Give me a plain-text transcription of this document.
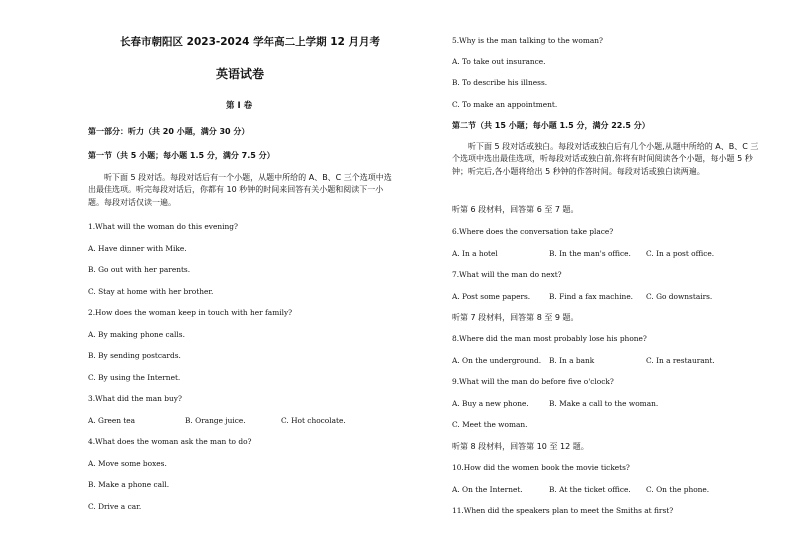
长春市朝阳区 2023-2024 学年高二上学期 12 月月考
英语试卷
第 I 卷
第一部分：听力（共 20 小题，满分 30 分）
第一节（共 5 小题；每小题 1.5 分，满分 7.5 分）
听下面 5 段对话。每段对话后有一个小题，从题中所给的 A、B、C 三个选项中选出最佳选项。听完每段对话后，你都有 10 秒钟的时间来回答有关小题和阅读下一小题。每段对话仅读一遍。
1.What will the woman do this evening?
A. Have dinner with Mike.
B. Go out with her parents.
C. Stay at home with her brother.
2.How does the woman keep in touch with her family?
A. By making phone calls.
B. By sending postcards.
C. By using the Internet.
3.What did the man buy?
A. Green tea	B. Orange juice.	C. Hot chocolate.
4.What does the woman ask the man to do?
A. Move some boxes.
B. Make a phone call.
C. Drive a car.
5.Why is the man talking to the woman?
A. To take out insurance.
B. To describe his illness.
C. To make an appointment.
第二节（共 15 小题；每小题 1.5 分，满分 22.5 分）
听下面 5 段对话或独白。每段对话或独白后有几个小题,从题中所给的 A、B、C 三个选项中选出最佳选项，听每段对话或独白前,你将有时间阅读各个小题，每小题 5 秒钟；听完后,各小题将给出 5 秒钟的作答时间。每段对话或独白读两遍。
听第 6 段材料，回答第 6 至 7 题。
6.Where does the conversation take place?
A. In a hotel	B. In the man's office. C. In a post office.
7.What will the man do next?
A. Post some papers.	B. Find a fax machine. C. Go downstairs.
听第 7 段材料，回答第 8 至 9 题。
8.Where did the man most probably lose his phone?
A. On the underground. B. In a bank	C. In a restaurant.
9.What will the man do before five o'clock?
A. Buy a new phone.	B. Make a call to the woman.
C. Meet the woman.
听第 8 段材料，回答第 10 至 12 题。
10.How did the women book the movie tickets?
A. On the Internet.	B. At the ticket office. C. On the phone.
11.When did the speakers plan to meet the Smiths at first?
